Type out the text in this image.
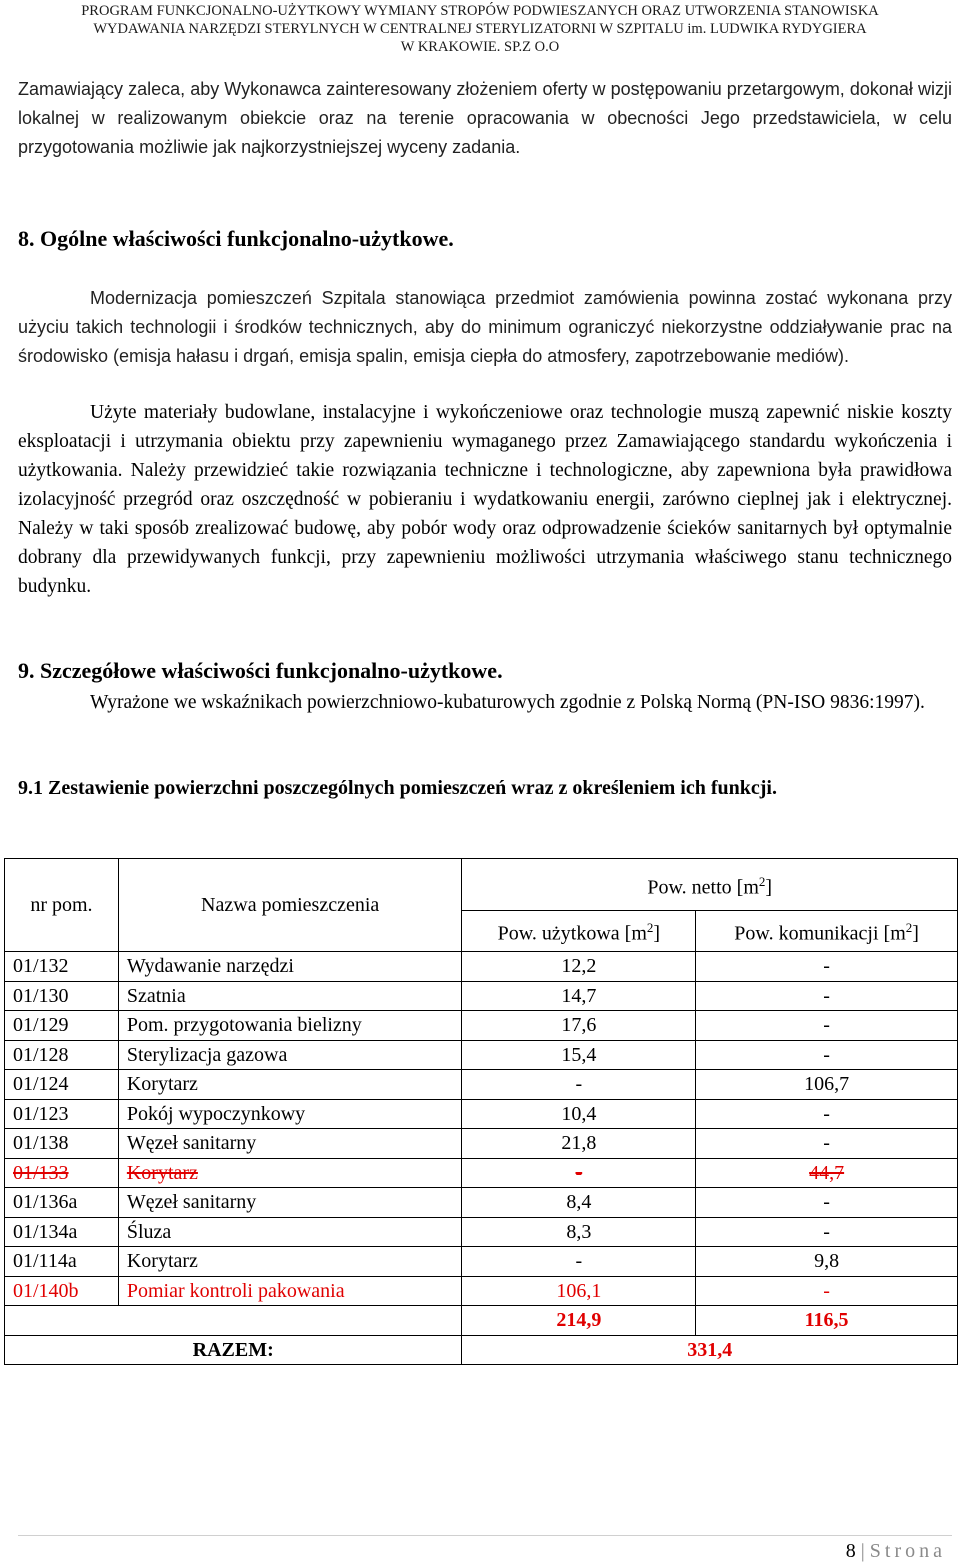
PROGRAM FUNKCJONALNO-UŻYTKOWY WYMIANY STROPÓW PODWIESZANYCH ORAZ UTWORZENIA STANOWISKA
WYDAWANIA NARZĘDZI STERYLNYCH W CENTRALNEJ STERYLIZATORNI W SZPITALU im. LUDWIKA RYDYGIERA
W KRAKOWIE. SP.Z O.O
Zamawiający zaleca, aby Wykonawca zainteresowany złożeniem oferty w postępowaniu przetargowym, dokonał wizji lokalnej w realizowanym obiekcie oraz na terenie opracowania w obecności Jego przedstawiciela, w celu przygotowania możliwie jak najkorzystniejszej wyceny zadania.
8. Ogólne właściwości funkcjonalno-użytkowe.
Modernizacja pomieszczeń Szpitala stanowiąca przedmiot zamówienia powinna zostać wykonana przy użyciu takich technologii i środków technicznych, aby do minimum ograniczyć niekorzystne oddziaływanie prac na środowisko (emisja hałasu i drgań, emisja spalin, emisja ciepła do atmosfery, zapotrzebowanie mediów).
Użyte materiały budowlane, instalacyjne i wykończeniowe oraz technologie muszą zapewnić niskie koszty eksploatacji i utrzymania obiektu przy zapewnieniu wymaganego przez Zamawiającego standardu wykończenia i użytkowania. Należy przewidzieć takie rozwiązania techniczne i technologiczne, aby zapewniona była prawidłowa izolacyjność przegród oraz oszczędność w pobieraniu i wydatkowaniu energii, zarówno cieplnej jak i elektrycznej. Należy w taki sposób zrealizować budowę, aby pobór wody oraz odprowadzenie ścieków sanitarnych był optymalnie dobrany dla przewidywanych funkcji, przy zapewnieniu możliwości utrzymania właściwego stanu technicznego budynku.
9. Szczegółowe właściwości funkcjonalno-użytkowe.
Wyrażone we wskaźnikach powierzchniowo-kubaturowych zgodnie z Polską Normą (PN-ISO 9836:1997).
9.1 Zestawienie powierzchni poszczególnych pomieszczeń wraz z określeniem ich funkcji.
nr pom.	Nazwa pomieszczenia	Pow. netto $[m^2]$	
		Pow. użytkowa $[m^2]$	Pow. komunikacji $[m^2]$
01/132	Wydawanie narzędzi	12,2	-
01/130	Szatnia	14,7	-
01/129	Pom. przygotowania bielizny	17,6	-
01/128	Sterylizacja gazowa	15,4	-
01/124	Korytarz	-	106,7
01/123	Pokój wypoczynkowy	10,4	-
01/138	Węzeł sanitarny	21,8	-
01/133	Korytarz	-	44,7
01/136a	Węzeł sanitarny	8,4	-
01/134a	Śluza	8,3	-
01/114a	Korytarz	-	9,8
01/140b	Pomiar kontroli pakowania	106,1	-
		214,9	116,5
RAZEM:		331,4	
8 | Strona
